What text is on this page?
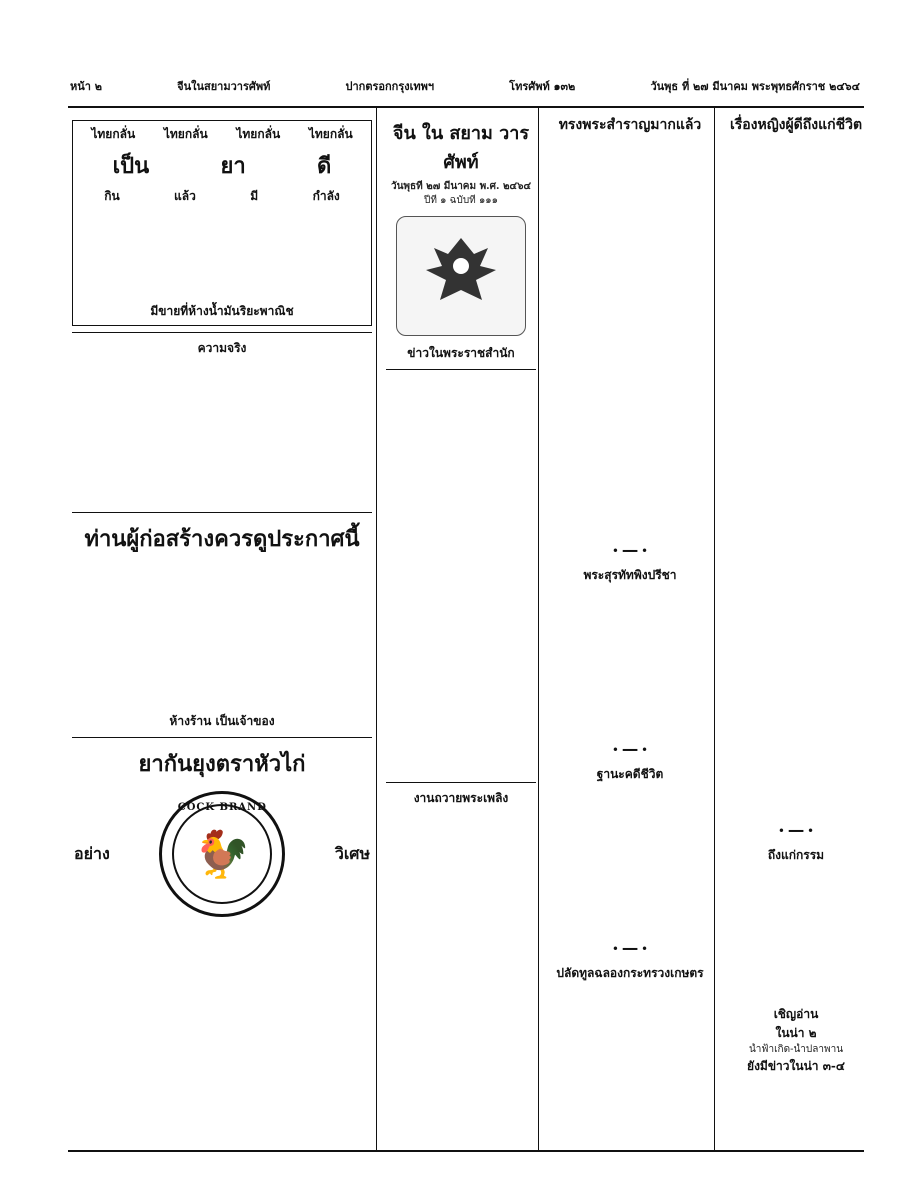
หน้า ๒	จีนในสยามวารศัพท์	ปากตรอกกรุงเทพฯ	โทรศัพท์ ๑๓๒	วันพุธ ที่ ๒๗ มีนาคม พระพุทธศักราช ๒๔๖๔
ไทยกลั่น ไทยกลั่น ไทยกลั่น ไทยกลั่น
เป็น	ยา	ดี
กิน	แล้ว	มี	กำลัง

มีขายที่ห้างน้ำมันริยะพาณิช
ความจริง
ท่านผู้ก่อสร้างควรดูประกาศนี้
ห้างร้าน เป็นเจ้าของ
ยากันยุงตราหัวไก่
อย่าง
COCK BRAND
🐓	วิเศษ
จีน ใน สยาม วารศัพท์
วันพุธที่ ๒๗ มีนาคม พ.ศ. ๒๔๖๔
ปีที่ ๑ ฉบับที่ ๑๑๑
ข่าวในพระราชสำนัก
งานถวายพระเพลิง
ทรงพระสำราญมากแล้ว
• ━━ •
พระสุรทัทพิงปรีชา
• ━━ •
ฐานะคดีชีวิต
• ━━ •
ปลัดทูลฉลองกระทรวงเกษตร
เรื่องหญิงผู้ดีถึงแก่ชีวิต
• ━━ •
ถึงแก่กรรม
เชิญอ่าน
ในน่า ๒
น้ำฟ้าเกิด-น้ำปลาพาน
ยังมีข่าวในน่า ๓-๔
